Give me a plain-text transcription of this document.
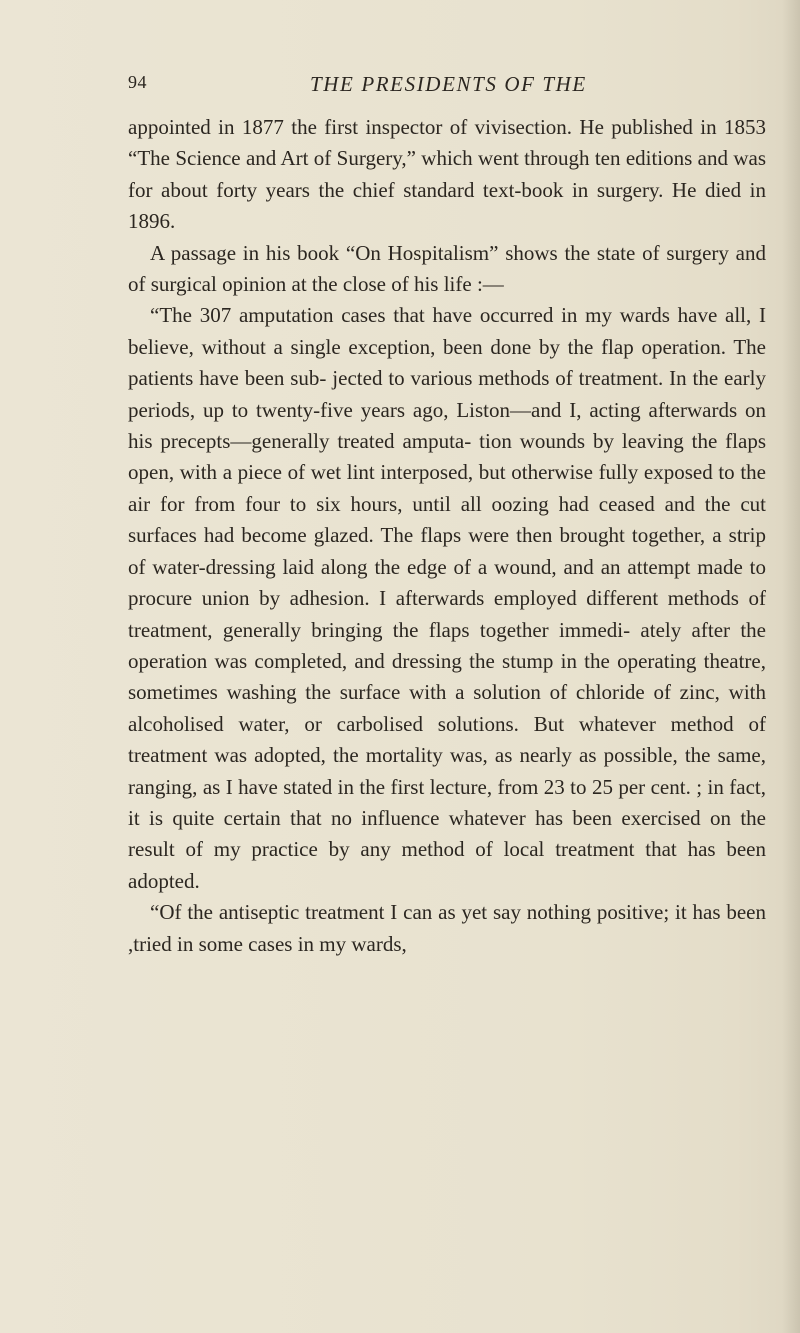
94	THE PRESIDENTS OF THE

appointed in 1877 the first inspector of vivisection. He published in 1853 “The Science and Art of Surgery,” which went through ten editions and was for about forty years the chief standard text-book in surgery. He died in 1896.

A passage in his book “On Hospitalism” shows the state of surgery and of surgical opinion at the close of his life :—

“The 307 amputation cases that have occurred in my wards have all, I believe, without a single exception, been done by the flap operation. The patients have been sub- jected to various methods of treatment. In the early periods, up to twenty-five years ago, Liston—and I, acting afterwards on his precepts—generally treated amputa- tion wounds by leaving the flaps open, with a piece of wet lint interposed, but otherwise fully exposed to the air for from four to six hours, until all oozing had ceased and the cut surfaces had become glazed. The flaps were then brought together, a strip of water-dressing laid along the edge of a wound, and an attempt made to procure union by adhesion. I afterwards employed different methods of treatment, generally bringing the flaps together immedi- ately after the operation was completed, and dressing the stump in the operating theatre, sometimes washing the surface with a solution of chloride of zinc, with alcoholised water, or carbolised solutions. But whatever method of treatment was adopted, the mortality was, as nearly as possible, the same, ranging, as I have stated in the first lecture, from 23 to 25 per cent. ; in fact, it is quite certain that no influence whatever has been exercised on the result of my practice by any method of local treatment that has been adopted.

“Of the antiseptic treatment I can as yet say nothing positive; it has been ,tried in some cases in my wards,
